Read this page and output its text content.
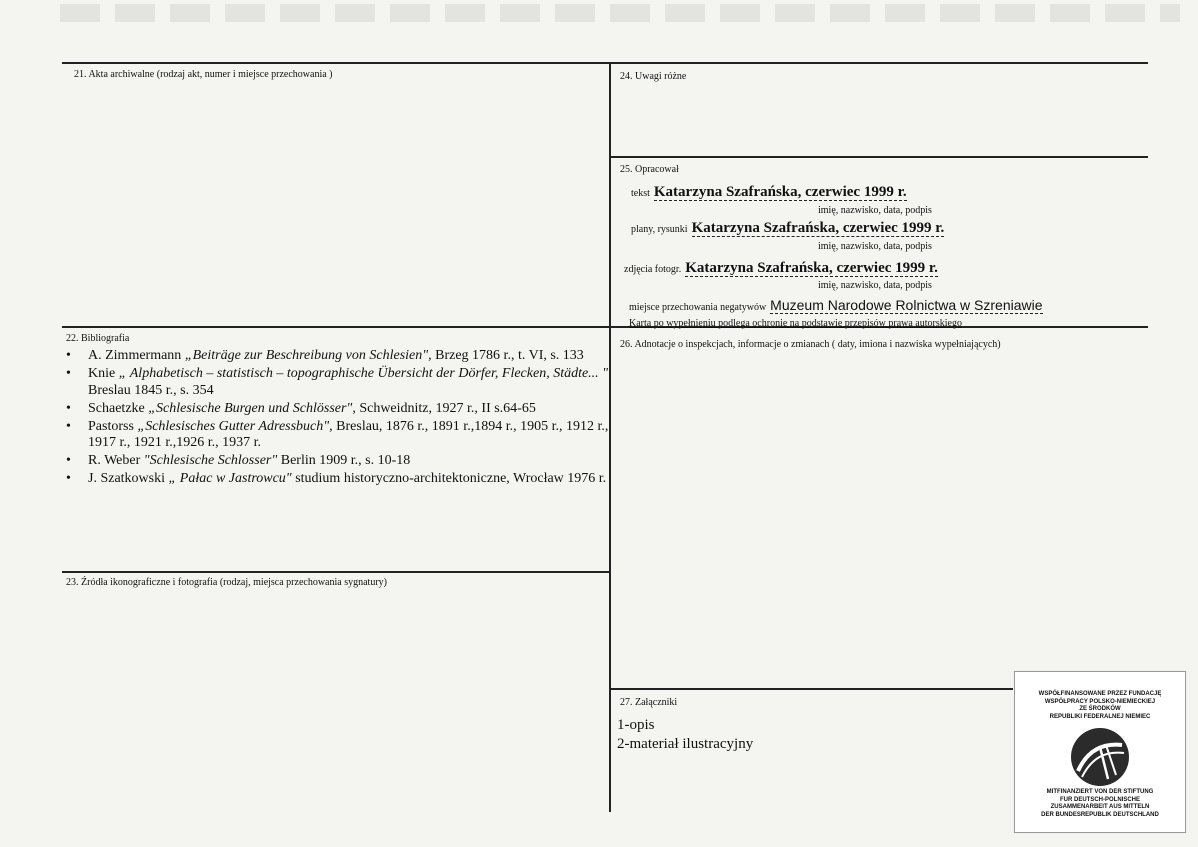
21. Akta archiwalne (rodzaj akt, numer i miejsce przechowania )	24. Uwagi różne
25. Opracował
22. Bibliografia
26. Adnotacje o inspekcjach, informacje o zmianach ( daty, imiona i nazwiska wypełniających)
23. Źródła ikonograficzne i fotografia (rodzaj, miejsca przechowania sygnatury)
27. Załączniki
• A. Zimmermann „Beiträge zur Beschreibung von Schlesien", Brzeg 1786 r., t. VI, s. 133
• Knie „ Alphabetisch – statistisch – topographische Übersicht der Dörfer, Flecken, Städte... " Breslau 1845 r., s. 354
• Schaetzke „Schlesische Burgen und Schlösser", Schweidnitz, 1927 r., II s.64-65
• Pastorss „Schlesisches Gutter Adressbuch", Breslau, 1876 r., 1891 r.,1894 r., 1905 r., 1912 r., 1917 r., 1921 r.,1926 r., 1937 r.
• R. Weber "Schlesische Schlosser" Berlin 1909 r., s. 10-18
• J. Szatkowski „ Pałac w Jastrowcu" studium historyczno-architektoniczne, Wrocław 1976 r.
tekst Katarzyna Szafrańska, czerwiec 1999 r.
imię, nazwisko, data, podpis
plany, rysunki Katarzyna Szafrańska, czerwiec 1999 r.
imię, nazwisko, data, podpis
zdjęcia fotogr. Katarzyna Szafrańska, czerwiec 1999 r.
imię, nazwisko, data, podpis
miejsce przechowania negatywów Muzeum Narodowe Rolnictwa w Szreniawie
Karta po wypełnieniu podlega ochronie na podstawie przepisów prawa autorskiego
1-opis
2-materiał ilustracyjny
WSPÓŁFINANSOWANE PRZEZ FUNDACJĘ
WSPÓŁPRACY POLSKO-NIEMIECKIEJ
ZE ŚRODKÓW
REPUBLIKI FEDERALNEJ NIEMIEC
MITFINANZIERT VON DER STIFTUNG
FUR DEUTSCH-POLNISCHE
ZUSAMMENARBEIT AUS MITTELN
DER BUNDESREPUBLIK DEUTSCHLAND
